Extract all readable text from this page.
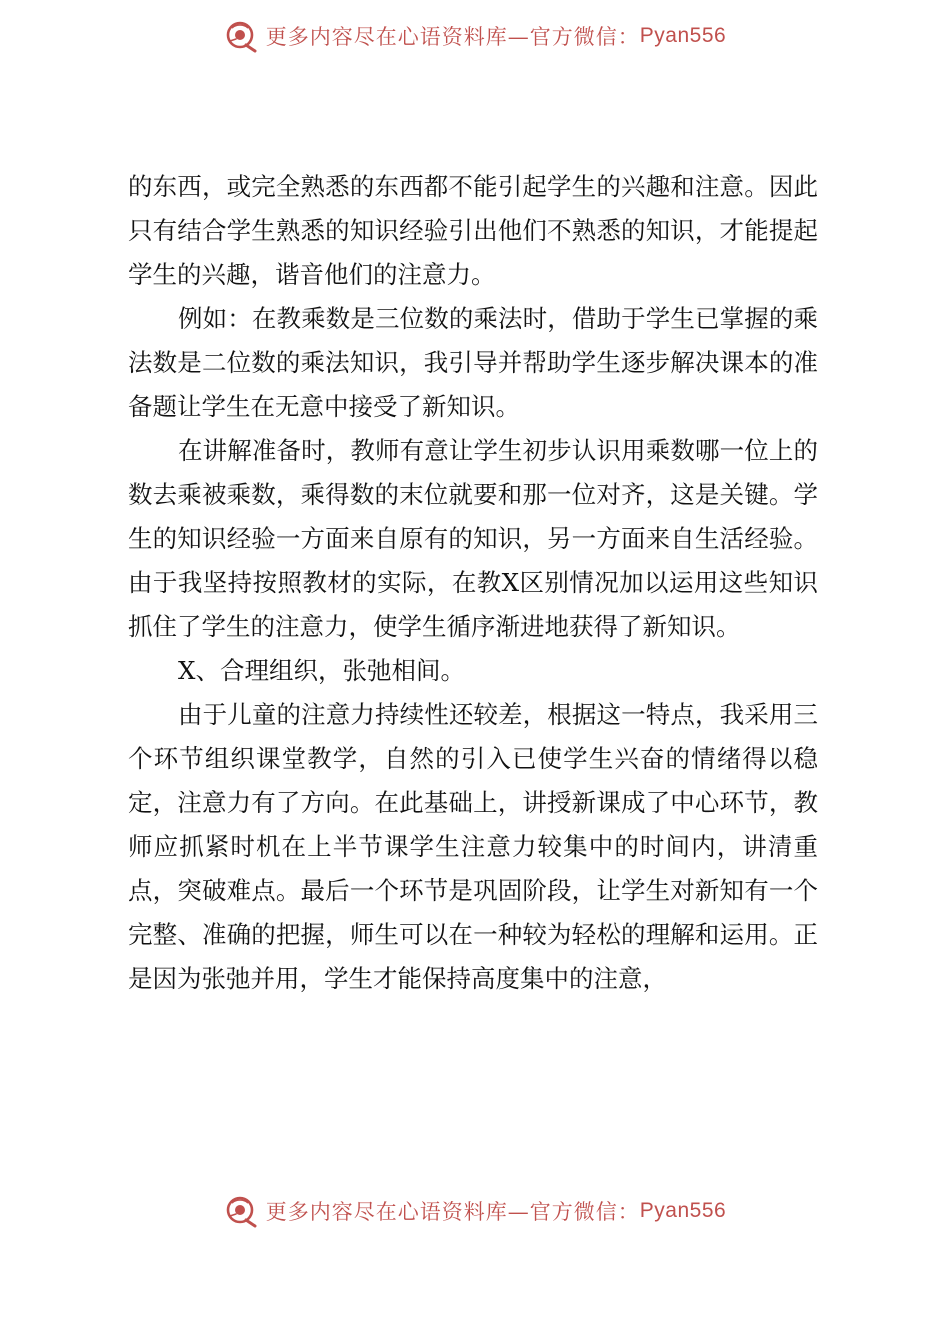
更多内容尽在心语资料库—官方微信： Pyan556

的东西，或完全熟悉的东西都不能引起学生的兴趣和注意。因此只有结合学生熟悉的知识经验引出他们不熟悉的知识，才能提起学生的兴趣，谐音他们的注意力。

例如：在教乘数是三位数的乘法时，借助于学生已掌握的乘法数是二位数的乘法知识，我引导并帮助学生逐步解决课本的准备题让学生在无意中接受了新知识。

在讲解准备时，教师有意让学生初步认识用乘数哪一位上的数去乘被乘数，乘得数的末位就要和那一位对齐，这是关键。学生的知识经验一方面来自原有的知识，另一方面来自生活经验。由于我坚持按照教材的实际，在教X区别情况加以运用这些知识抓住了学生的注意力，使学生循序渐进地获得了新知识。

X、合理组织，张弛相间。

由于儿童的注意力持续性还较差，根据这一特点，我采用三个环节组织课堂教学，自然的引入已使学生兴奋的情绪得以稳定，注意力有了方向。在此基础上，讲授新课成了中心环节，教师应抓紧时机在上半节课学生注意力较集中的时间内，讲清重点，突破难点。最后一个环节是巩固阶段，让学生对新知有一个完整、准确的把握，师生可以在一种较为轻松的理解和运用。正是因为张弛并用，学生才能保持高度集中的注意，

更多内容尽在心语资料库—官方微信： Pyan556
